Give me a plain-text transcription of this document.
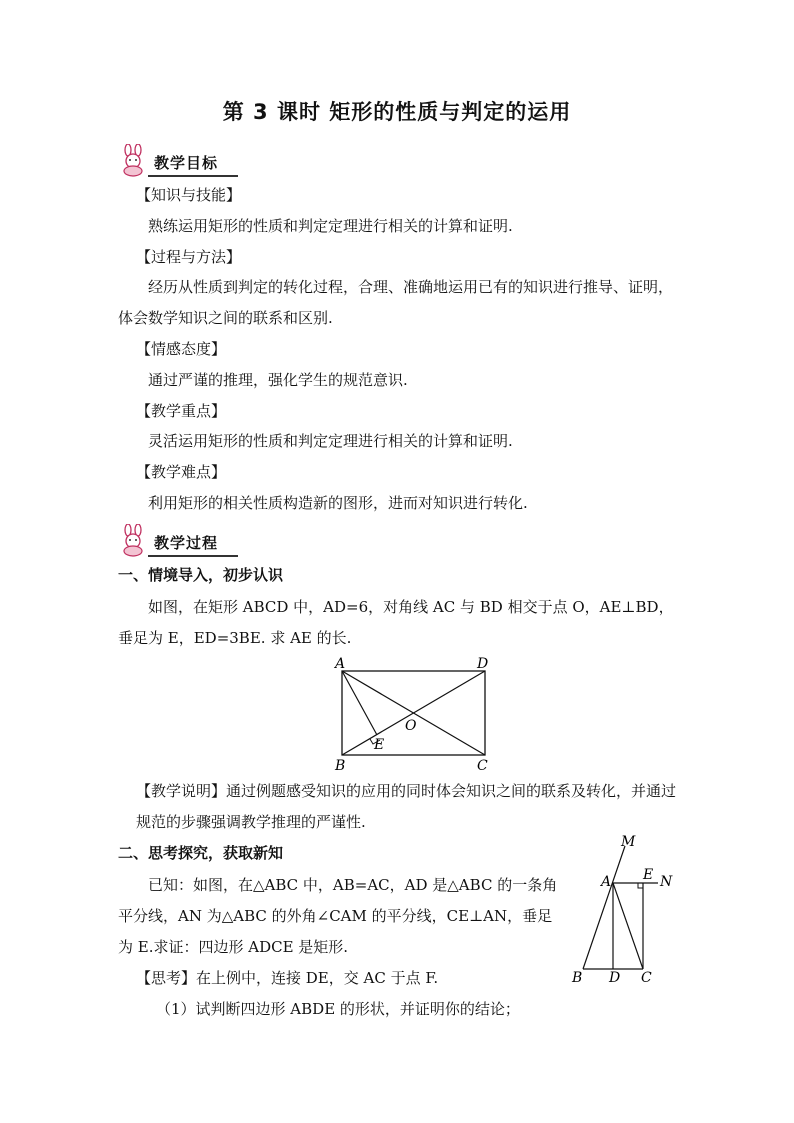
第 3 课时 矩形的性质与判定的运用
教学目标

【知识与技能】

熟练运用矩形的性质和判定定理进行相关的计算和证明.

【过程与方法】

经历从性质到判定的转化过程，合理、准确地运用已有的知识进行推导、证明，体会数学知识之间的联系和区别.

【情感态度】

通过严谨的推理，强化学生的规范意识.

【教学重点】

灵活运用矩形的性质和判定定理进行相关的计算和证明.

【教学难点】

利用矩形的相关性质构造新的图形，进而对知识进行转化.

教学过程

一、情境导入，初步认识

如图，在矩形 ABCD 中，AD=6，对角线 AC 与 BD 相交于点 O，AE⊥BD，垂足为 E，ED=3BE. 求 AE 的长.

A	D
B	C
O
E

【教学说明】通过例题感受知识的应用的同时体会知识之间的联系及转化，并通过规范的步骤强调教学推理的严谨性.

二、思考探究，获取新知

已知：如图，在△ABC 中，AB=AC，AD 是△ABC 的一条角平分线，AN 为△ABC 的外角∠CAM 的平分线，CE⊥AN，垂足为 E.求证：四边形 ADCE 是矩形.

【思考】在上例中，连接 DE，交 AC 于点 F.

（1）试判断四边形 ABDE 的形状，并证明你的结论；

M
A E N
B D C
